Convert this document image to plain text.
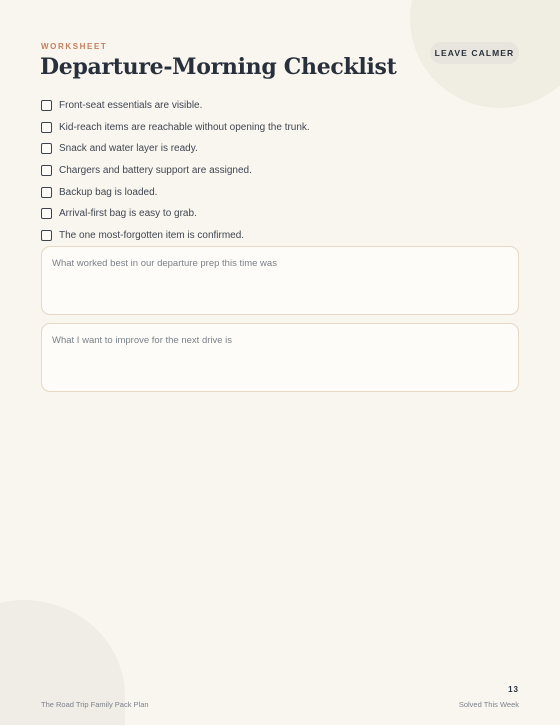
WORKSHEET
Departure-Morning Checklist
LEAVE CALMER
Front-seat essentials are visible.
Kid-reach items are reachable without opening the trunk.
Snack and water layer is ready.
Chargers and battery support are assigned.
Backup bag is loaded.
Arrival-first bag is easy to grab.
The one most-forgotten item is confirmed.
What worked best in our departure prep this time was
What I want to improve for the next drive is
13
The Road Trip Family Pack Plan	Solved This Week
